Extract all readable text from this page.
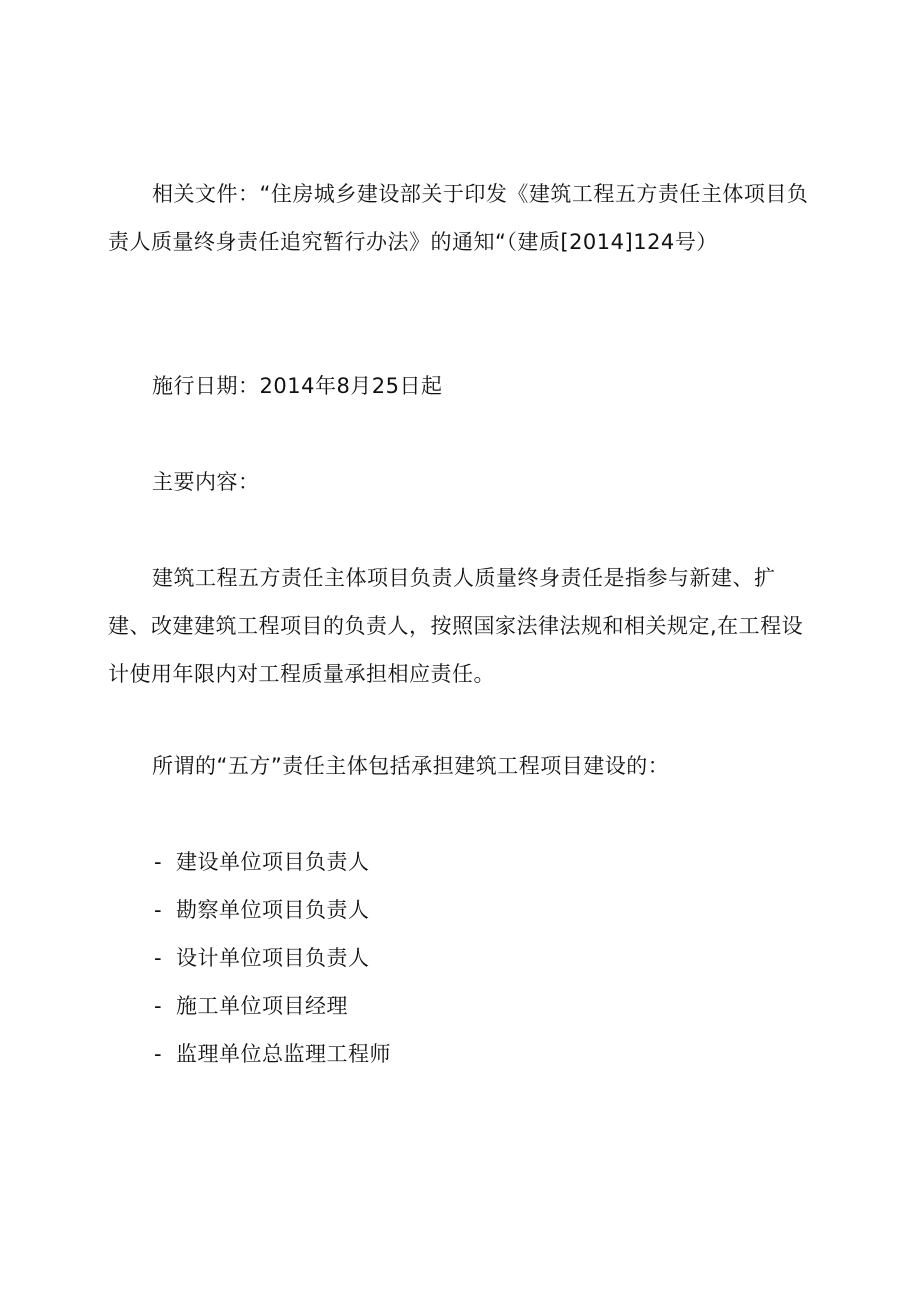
相关文件：“住房城乡建设部关于印发《建筑工程五方责任主体项目负责人质量终身责任追究暂行办法》的通知“（建质[2014]124号）

施行日期：2014年8月25日起

主要内容：

建筑工程五方责任主体项目负责人质量终身责任是指参与新建、扩建、改建建筑工程项目的负责人，按照国家法律法规和相关规定,在工程设计使用年限内对工程质量承担相应责任。

所谓的“五方”责任主体包括承担建筑工程项目建设的：

- 建设单位项目负责人
- 勘察单位项目负责人
- 设计单位项目负责人
- 施工单位项目经理
- 监理单位总监理工程师
